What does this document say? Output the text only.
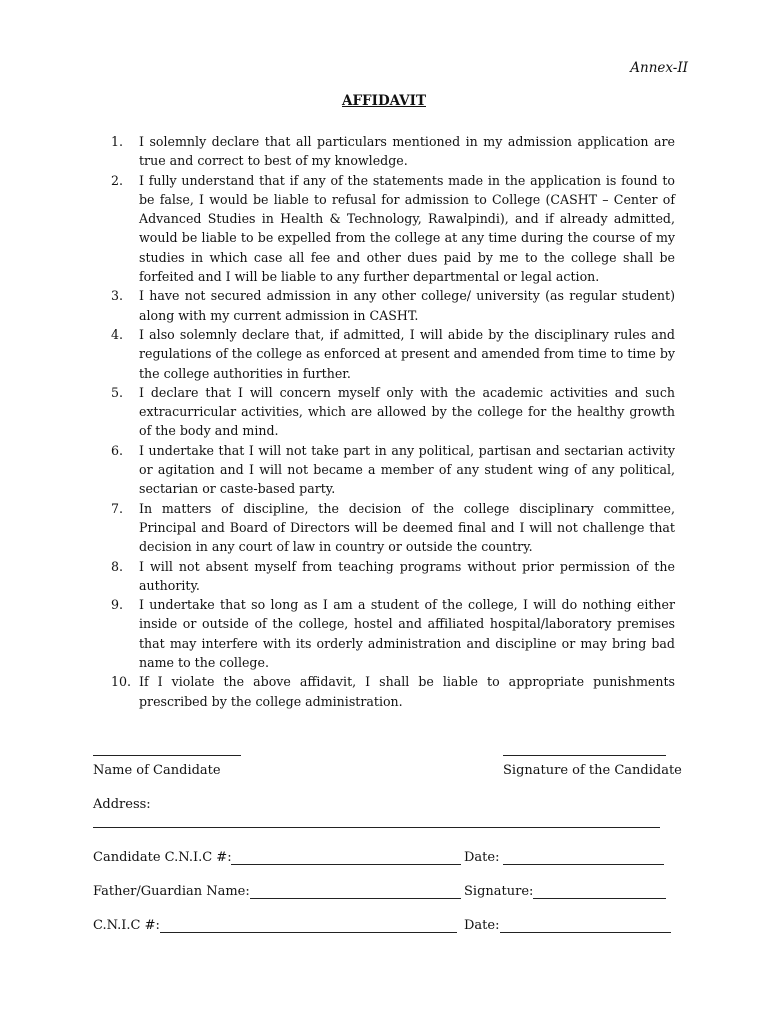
Annex-II
AFFIDAVIT
1.	I solemnly declare that all particulars mentioned in my admission application are true and correct to best of my knowledge.
2.	I fully understand that if any of the statements made in the application is found to be false, I would be liable to refusal for admission to College (CASHT – Center of Advanced Studies in Health & Technology, Rawalpindi), and if already admitted, would be liable to be expelled from the college at any time during the course of my studies in which case all fee and other dues paid by me to the college shall be forfeited and I will be liable to any further departmental or legal action.
3.	I have not secured admission in any other college/ university (as regular student) along with my current admission in CASHT.
4.	I also solemnly declare that, if admitted, I will abide by the disciplinary rules and regulations of the college as enforced at present and amended from time to time by the college authorities in further.
5.	I declare that I will concern myself only with the academic activities and such extracurricular activities, which are allowed by the college for the healthy growth of the body and mind.
6.	I undertake that I will not take part in any political, partisan and sectarian activity or agitation and I will not became a member of any student wing of any political, sectarian or caste-based party.
7.	In matters of discipline, the decision of the college disciplinary committee, Principal and Board of Directors will be deemed final and I will not challenge that decision in any court of law in country or outside the country.
8.	I will not absent myself from teaching programs without prior permission of the authority.
9.	I undertake that so long as I am a student of the college, I will do nothing either inside or outside of the college, hostel and affiliated hospital/laboratory premises that may interfere with its orderly administration and discipline or may bring bad name to the college.
10. If I violate the above affidavit, I shall be liable to appropriate punishments prescribed by the college administration.
Name of Candidate	Signature of the Candidate
Address:
Candidate C.N.I.C #:	Date:
Father/Guardian Name:	Signature:
C.N.I.C #:	Date:
